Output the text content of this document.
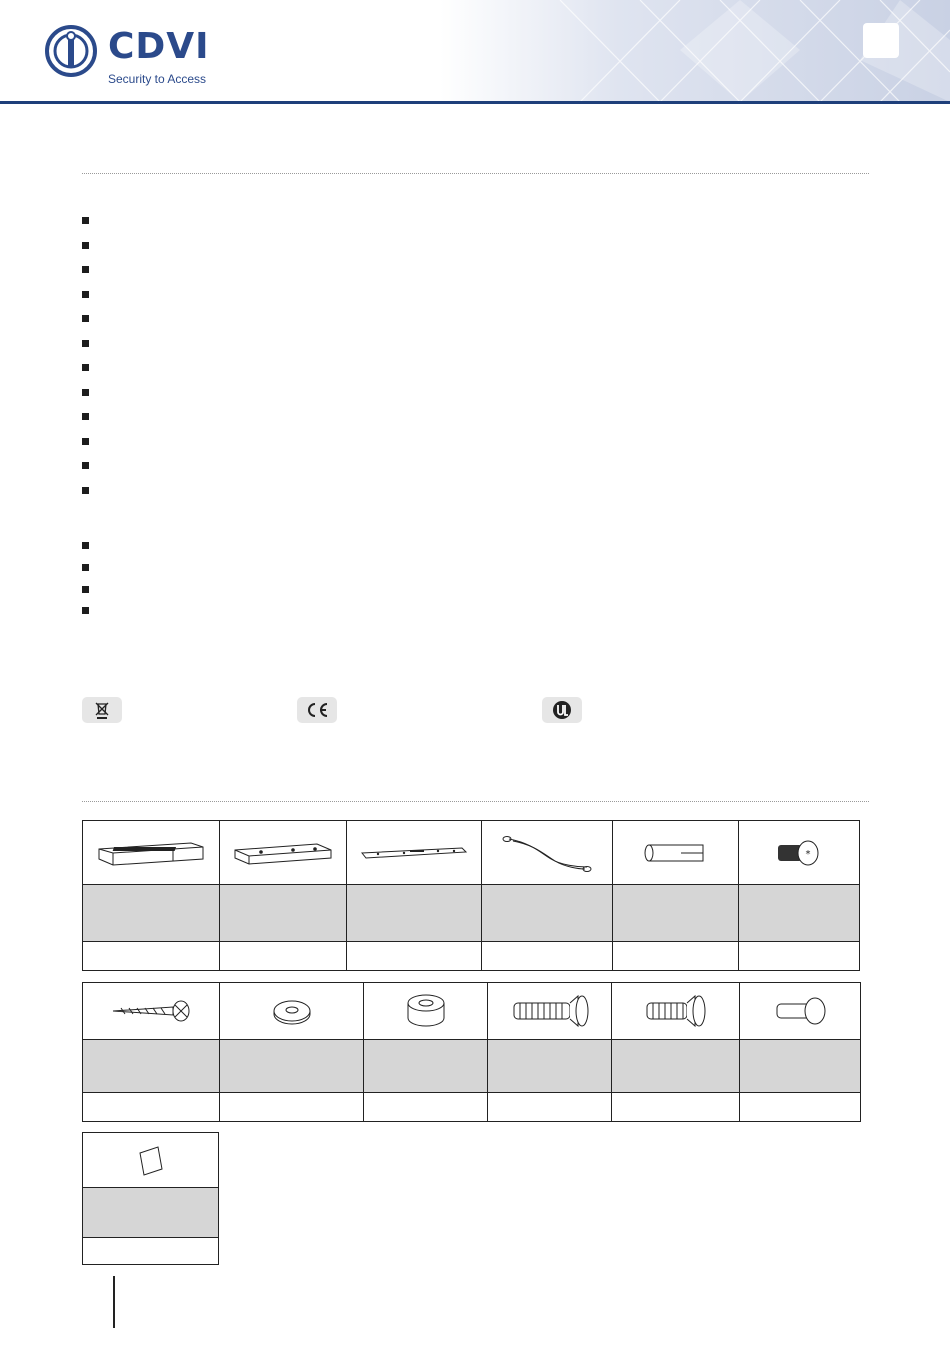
CDVI
Security to Access

*
